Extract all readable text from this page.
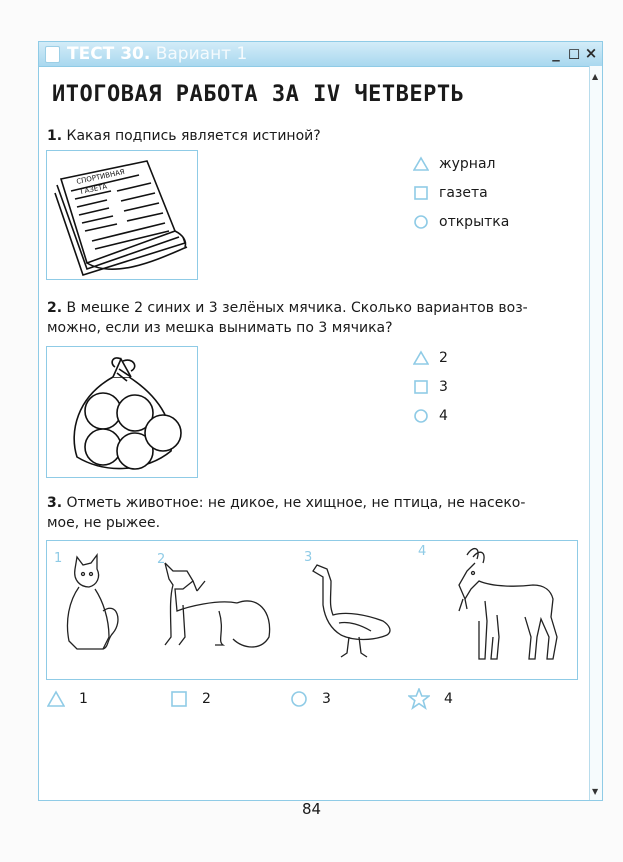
ТЕСТ 30. Вариант 1	_ ◻ ×
▲
▼
ИТОГОВАЯ РАБОТА ЗА IV ЧЕТВЕРТЬ
1. Какая подпись является истиной?
СПОРТИВНАЯ
ГАЗЕТА
журнал
газета
открытка
2. В мешке 2 синих и 3 зелёных мячика. Сколько вариантов воз-
можно, если из мешка вынимать по 3 мячика?
2
3
4
3. Отметь животное: не дикое, не хищное, не птица, не насеко-
мое, не рыжее.
1	2	3	4
1	2	3	4
84
